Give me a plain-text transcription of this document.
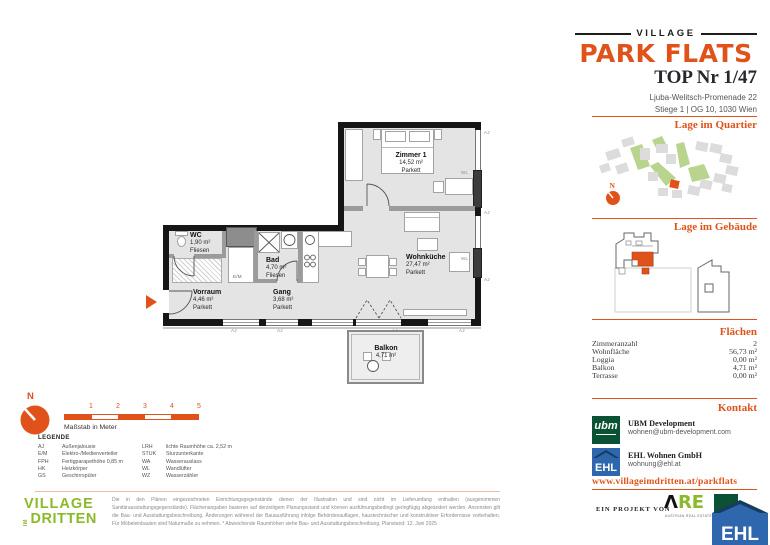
E/M
Zimmer 1
14,52 m²
Parkett
WC
1,90 m²
Fliesen
Bad
4,70 m²
Fliesen
Vorraum
4,46 m²
Parkett
Gang
3,68 m²
Parkett
Wohnküche
27,47 m²
Parkett
Balkon
4,71 m²
AJ	AJ	AJ	AJ
AJ
AJ
AJ
WL
WL
N
1	2	3	4	5
Maßstab in Meter
LEGENDE
AJ	Außenjalousie
E/M	Elektro-/Medienverteiler
FPH	Fertigparapethöhe 0,85 m
HK	Heizkörper
GS	Geschirrspüler
LRH	lichte Raumhöhe ca. 2,52 m
STUK	Sturzunterkante
WA	Wasserauslass
WL	Wandlüfter
WZ	Wasserzähler
VILLAGE
PARK FLATS
TOP Nr 1/47
Ljuba-Welitsch-Promenade 22
Stiege 1 | OG 10, 1030 Wien
Lage im Quartier
N
Lage im Gebäude
Flächen
Zimmeranzahl	2
Wohnfläche	56,73 m²
Loggia	0,00 m²
Balkon	4,71 m²
Terrasse	0,00 m²
Kontakt
ubm UBM Development
wohnen@ubm-development.com
EHL
EHL Wohnen GmbH
wohnung@ehl.at
www.villageimdritten.at/parkflats
VILLAGE
IM DRITTEN
Die in den Plänen eingezeichneten Einrichtungsgegenstände dienen der Illustration und sind nicht im Lieferumfang enthalten (ausgenommen Sanitärausstattungsgegenstände). Flächenangaben basieren auf derzeitigem Planungsstand und können ausführungsbedingt geringfügig abgeändert werden. Ansonsten gilt die Bau- und Ausstattungsbeschreibung. Änderungen während der Bauausführung infolge Behördenauflagen, haustechnischer und konstruktiver Erfordernisse vorbehalten. Für Möbeleinbauten sind Naturmaße zu nehmen. * Abweichende Raumhöhen siehe Bau- und Ausstattungsbeschreibung. Planstand: 12. Juni 2025
EIN PROJEKT VON
ΛRE
AUSTRIAN REAL ESTATE
EHL
